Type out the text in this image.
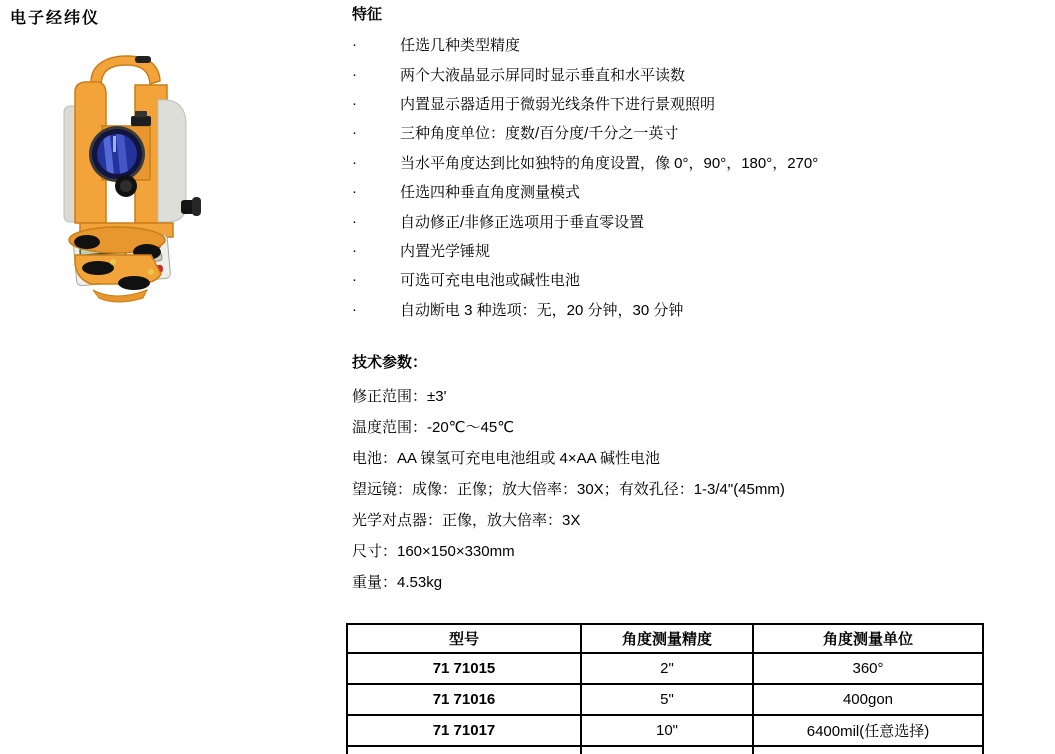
电子经纬仪	特征
·	任选几种类型精度
·	两个大液晶显示屏同时显示垂直和水平读数
·	内置显示器适用于微弱光线条件下进行景观照明
·	三种角度单位：度数/百分度/千分之一英寸
·	当水平角度达到比如独特的角度设置，像 0°，90°，180°，270°
·	任选四种垂直角度测量模式
·	自动修正/非修正选项用于垂直零设置
·	内置光学锤规
·	可选可充电电池或碱性电池
·	自动断电 3 种选项：无，20 分钟，30 分钟
技术参数：
修正范围：±3'
温度范围：-20℃～45℃
电池：AA 镍氢可充电电池组或 4×AA 碱性电池
望远镜：成像：正像；放大倍率：30X；有效孔径：1-3/4"(45mm)
光学对点器：正像，放大倍率：3X
尺寸：160×150×330mm
重量：4.53kg
型号	角度测量精度	角度测量单位
71 71015	2"	360°
71 71016	5"	400gon
71 71017	10"	6400mil(任意选择)
